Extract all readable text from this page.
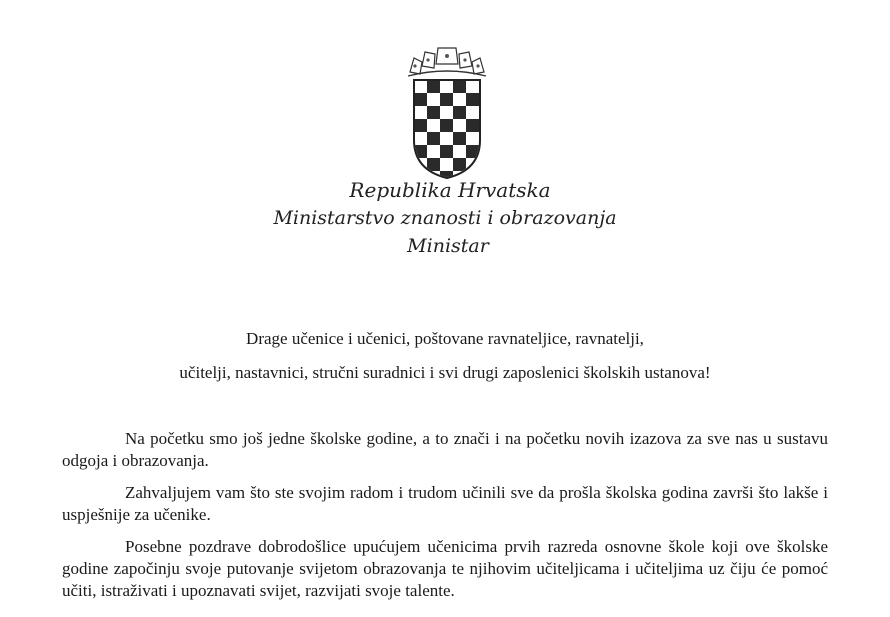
Republika Hrvatska
Ministarstvo znanosti i obrazovanja
Ministar
Drage učenice i učenici, poštovane ravnateljice, ravnatelji,
učitelji, nastavnici, stručni suradnici i svi drugi zaposlenici školskih ustanova!

Na početku smo još jedne školske godine, a to znači i na početku novih izazova za sve nas u sustavu odgoja i obrazovanja.

Zahvaljujem vam što ste svojim radom i trudom učinili sve da prošla školska godina završi što lakše i uspješnije za učenike.

Posebne pozdrave dobrodošlice upućujem učenicima prvih razreda osnovne škole koji ove školske godine započinju svoje putovanje svijetom obrazovanja te njihovim učiteljicama i učiteljima uz čiju će pomoć učiti, istraživati i upoznavati svijet, razvijati svoje talente.
